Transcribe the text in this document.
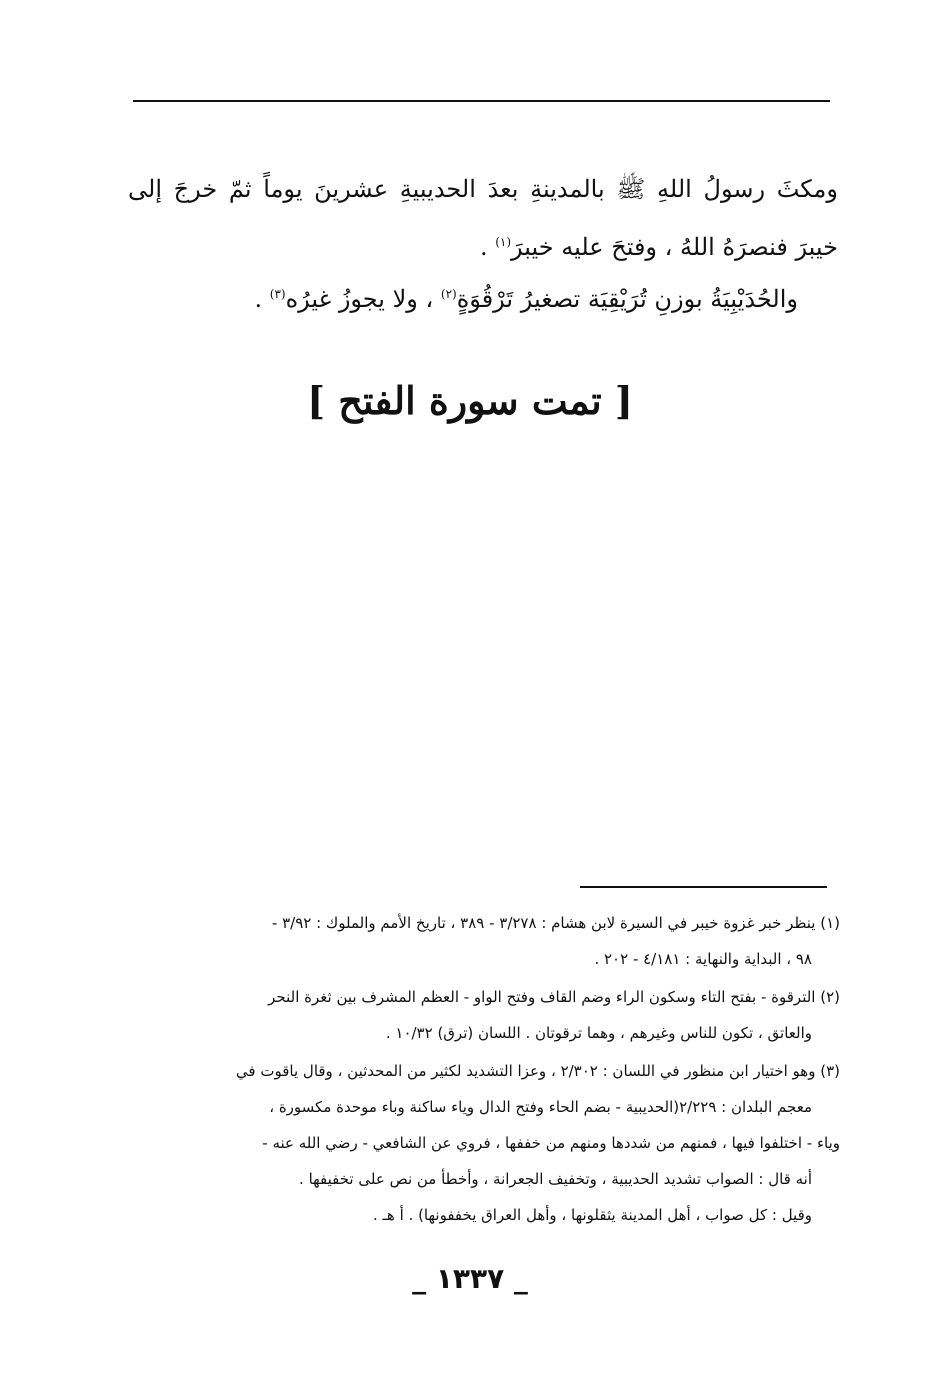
ومكثَ رسولُ اللهِ ﷺ بالمدينةِ بعدَ الحديبيةِ عشرينَ يوماً ثمّ خرجَ إلى خيبرَ فنصرَهُ اللهُ ، وفتحَ عليه خيبرَ$^{(١)}$ .

والحُدَيْبِيَةُ بوزنِ تُرَيْقِيَة تصغيرُ تَرْقُوَةٍ$^{(٢)}$ ، ولا يجوزُ غيرُه$^{(٣)}$ .

[ تمت سورة الفتح ]
(١) ينظر خبر غزوة خيبر في السيرة لابن هشام : ٣/٢٧٨ - ٣٨٩ ، تاريخ الأمم والملوك : ٣/٩٢ -
٩٨ ، البداية والنهاية : ٤/١٨١ - ٢٠٢ .
(٢) الترقوة - بفتح التاء وسكون الراء وضم القاف وفتح الواو - العظم المشرف بين ثغرة النحر
والعاتق ، تكون للناس وغيرهم ، وهما ترقوتان . اللسان (ترق) ١٠/٣٢ .
(٣) وهو اختيار ابن منظور في اللسان : ٢/٣٠٢ ، وعزا التشديد لكثير من المحدثين ، وقال ياقوت في
معجم البلدان : ٢/٢٢٩(الحديبية - بضم الحاء وفتح الدال وياء ساكنة وباء موحدة مكسورة ،
وياء - اختلفوا فيها ، فمنهم من شددها ومنهم من خففها ، فروي عن الشافعي - رضي الله عنه -
أنه قال : الصواب تشديد الحديبية ، وتخفيف الجعرانة ، وأخطأ من نص على تخفيفها .
وقيل : كل صواب ، أهل المدينة يثقلونها ، وأهل العراق يخففونها) . أ هـ .
_ ١٣٣٧ _
